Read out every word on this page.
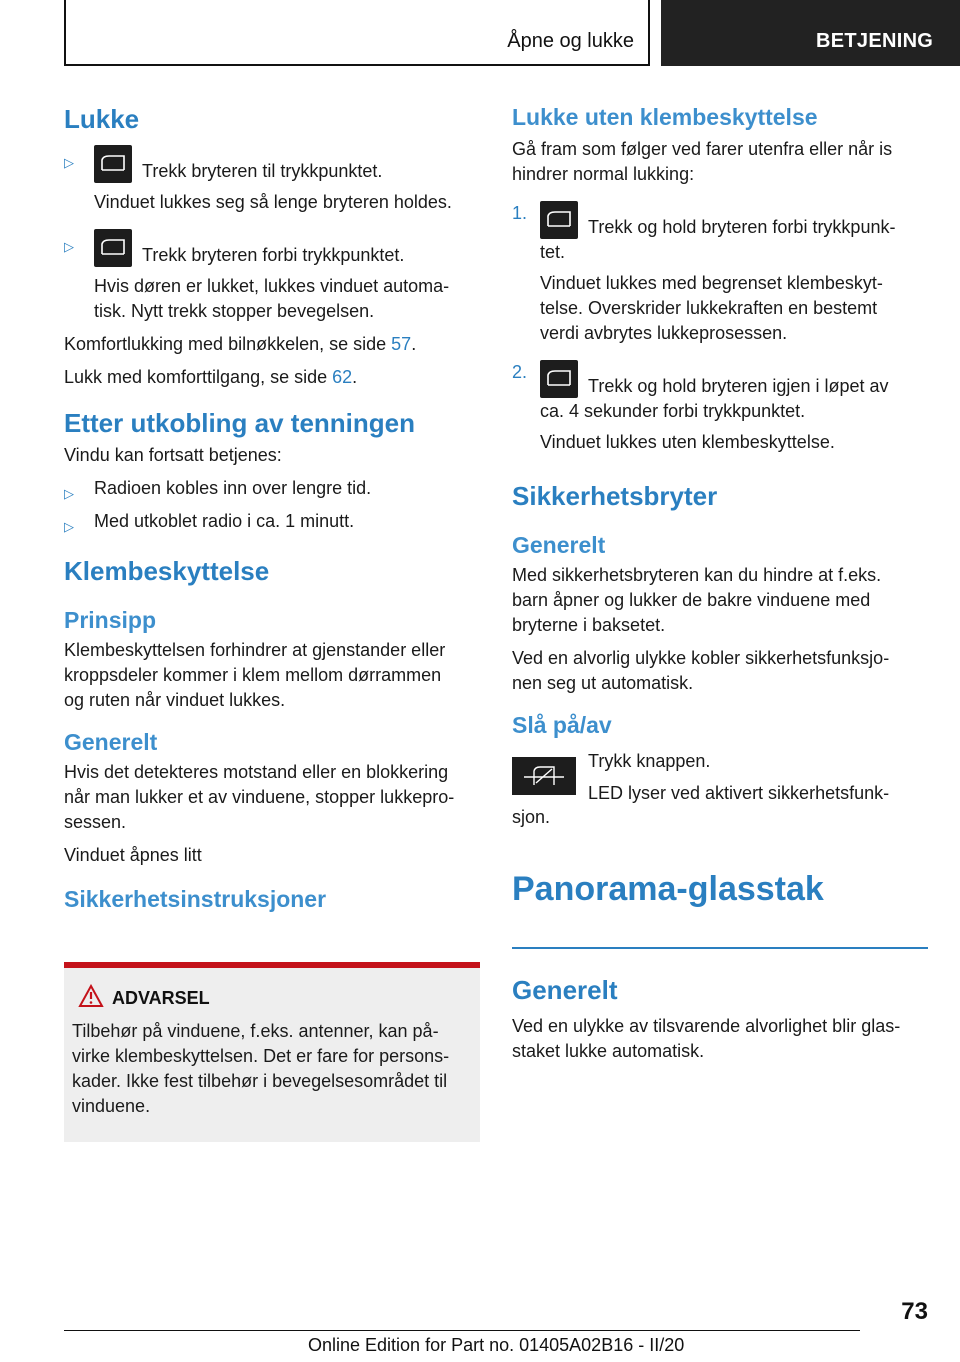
Åpne og lukke	BETJENING
Lukke
▷	Trekk bryteren til trykkpunktet.
Vinduet lukkes seg så lenge bryteren holdes.
▷	Trekk bryteren forbi trykkpunktet.
Hvis døren er lukket, lukkes vinduet automa-
tisk. Nytt trekk stopper bevegelsen.
Komfortlukking med bilnøkkelen, se side 57.
Lukk med komforttilgang, se side 62.
Etter utkobling av tenningen
Vindu kan fortsatt betjenes:
▷ Radioen kobles inn over lengre tid.
▷ Med utkoblet radio i ca. 1 minutt.
Klembeskyttelse
Prinsipp
Klembeskyttelsen forhindrer at gjenstander eller
kroppsdeler kommer i klem mellom dørrammen
og ruten når vinduet lukkes.
Generelt
Hvis det detekteres motstand eller en blokkering
når man lukker et av vinduene, stopper lukkepro-
sessen.
Vinduet åpnes litt
Sikkerhetsinstruksjoner
ADVARSEL
Tilbehør på vinduene, f.eks. antenner, kan på-
virke klembeskyttelsen. Det er fare for persons-
kader. Ikke fest tilbehør i bevegelsesområdet til
vinduene.
Lukke uten klembeskyttelse
Gå fram som følger ved farer utenfra eller når is
hindrer normal lukking:
1.
Trekk og hold bryteren forbi trykkpunk-
tet.
Vinduet lukkes med begrenset klembeskyt-
telse. Overskrider lukkekraften en bestemt
verdi avbrytes lukkeprosessen.
2.
Trekk og hold bryteren igjen i løpet av
ca. 4 sekunder forbi trykkpunktet.
Vinduet lukkes uten klembeskyttelse.
Sikkerhetsbryter
Generelt
Med sikkerhetsbryteren kan du hindre at f.eks.
barn åpner og lukker de bakre vinduene med
bryterne i baksetet.
Ved en alvorlig ulykke kobler sikkerhetsfunksjo-
nen seg ut automatisk.
Slå på/av
Trykk knappen.
LED lyser ved aktivert sikkerhetsfunk-
sjon.
Panorama-glasstak
Generelt
Ved en ulykke av tilsvarende alvorlighet blir glas-
staket lukke automatisk.
73
Online Edition for Part no. 01405A02B16 - II/20
